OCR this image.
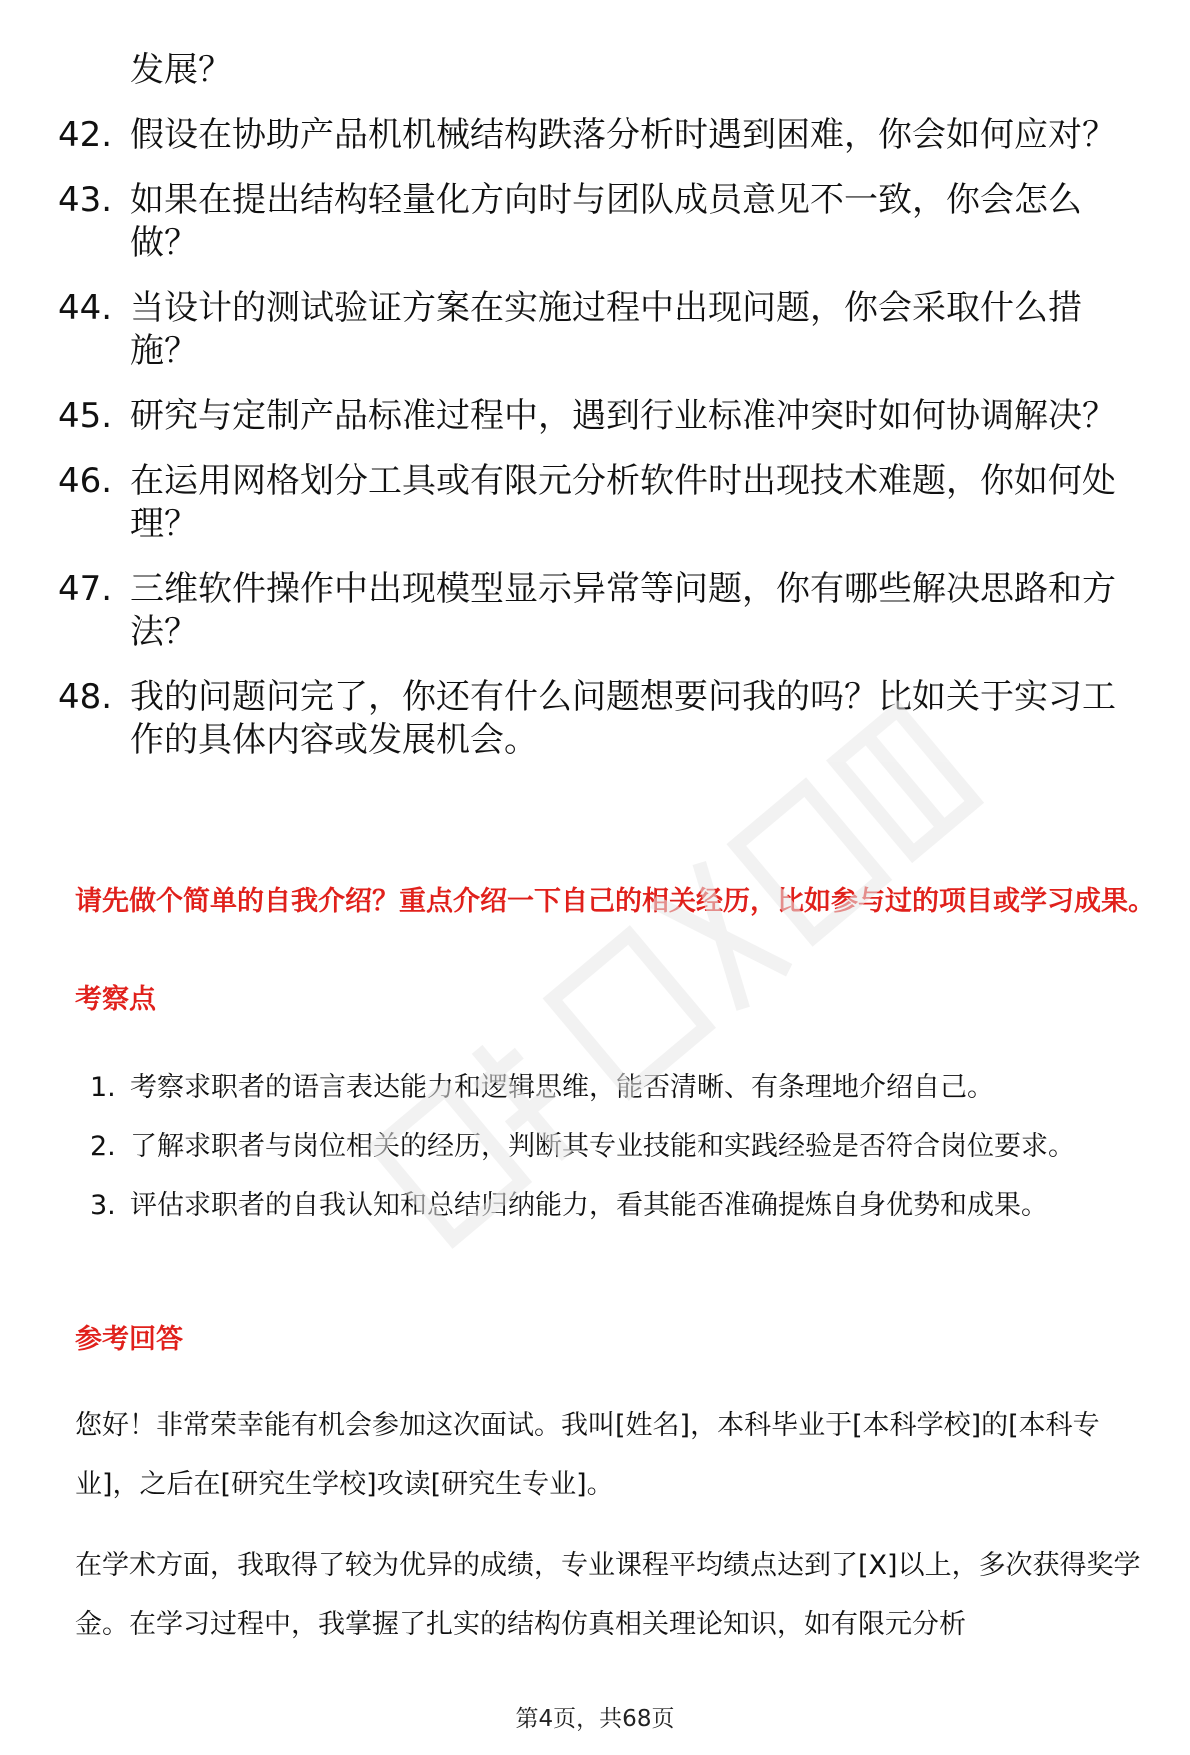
发展？

42. 假设在协助产品机机械结构跌落分析时遇到困难，你会如何应对？
43. 如果在提出结构轻量化方向时与团队成员意见不一致，你会怎么做？
44. 当设计的测试验证方案在实施过程中出现问题，你会采取什么措施？
45. 研究与定制产品标准过程中，遇到行业标准冲突时如何协调解决？
46. 在运用网格划分工具或有限元分析软件时出现技术难题，你如何处理？
47. 三维软件操作中出现模型显示异常等问题，你有哪些解决思路和方法？
48. 我的问题问完了，你还有什么问题想要问我的吗？比如关于实习工作的具体内容或发展机会。
请先做个简单的自我介绍？重点介绍一下自己的相关经历，比如参与过的项目或学习成果。
考察点
1. 考察求职者的语言表达能力和逻辑思维，能否清晰、有条理地介绍自己。
2. 了解求职者与岗位相关的经历，判断其专业技能和实践经验是否符合岗位要求。
3. 评估求职者的自我认知和总结归纳能力，看其能否准确提炼自身优势和成果。
参考回答

您好！非常荣幸能有机会参加这次面试。我叫[姓名]，本科毕业于[本科学校]的[本科专业]，之后在[研究生学校]攻读[研究生专业]。

在学术方面，我取得了较为优异的成绩，专业课程平均绩点达到了[X]以上，多次获得奖学金。在学习过程中，我掌握了扎实的结构仿真相关理论知识，如有限元分析

第4页，共68页
